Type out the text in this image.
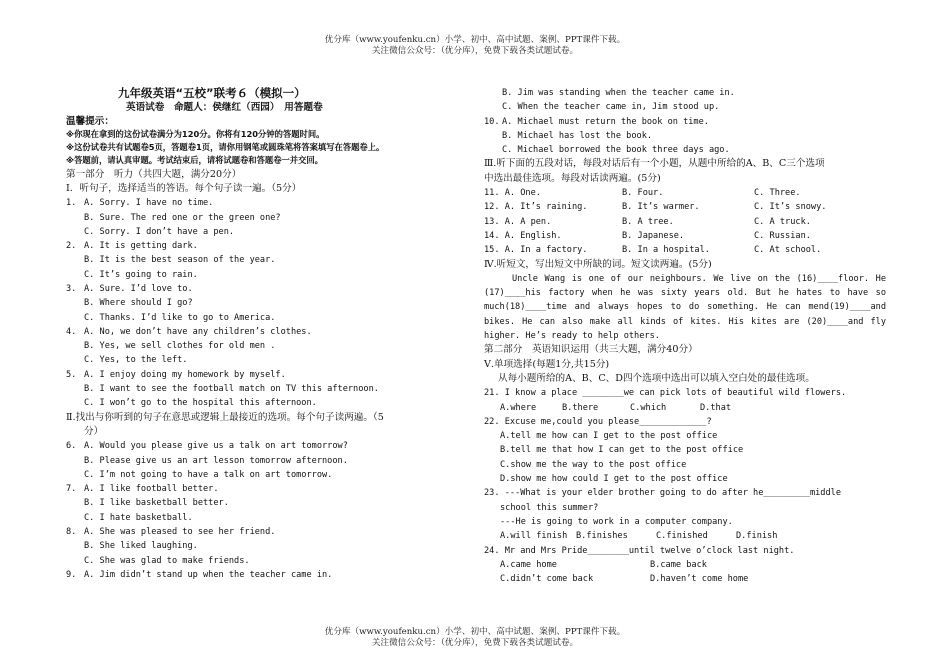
优分库（www.youfenku.cn）小学、初中、高中试题、案例、PPT课件下载。
关注微信公众号：（优分库），免费下载各类试题试卷。
九年级英语“五校”联考６（模拟一）
英语试卷　命题人：侯继红（西园）　用答题卷
温馨提示：
※你现在拿到的这份试卷满分为120分。你将有120分钟的答题时间。
※这份试卷共有试题卷5页，答题卷1页，请你用钢笔或圆珠笔将答案填写在答题卷上。
※答题前，请认真审题。考试结束后，请将试题卷和答题卷一并交回。
第一部分　听力（共四大题，满分20分）
Ⅰ．听句子，选择适当的答语。每个句子读一遍。（5分）
1. A. Sorry. I have no time.
B. Sure. The red one or the green one?
C. Sorry. I don’t have a pen.
2. A. It is getting dark.
B. It is the best season of the year.
C. It’s going to rain.
3. A. Sure. I’d love to.
B. Where should I go?
C. Thanks. I’d like to go to America.
4. A. No, we don’t have any children’s clothes.
B. Yes, we sell clothes for old men .
C. Yes, to the left.
5. A. I enjoy doing my homework by myself.
B. I want to see the football match on TV this afternoon.
C. I won’t go to the hospital this afternoon.
Ⅱ.找出与你听到的句子在意思或逻辑上最接近的选项。每个句子读两遍。（5
分）
6. A. Would you please give us a talk on art tomorrow?
B. Please give us an art lesson tomorrow afternoon.
C. I’m not going to have a talk on art tomorrow.
7. A. I like football better.
B. I like basketball better.
C. I hate basketball.
8. A. She was pleased to see her friend.
B. She liked laughing.
C. She was glad to make friends.
9. A. Jim didn’t stand up when the teacher came in.
B. Jim was standing when the teacher came in.
C. When the teacher came in, Jim stood up.
10. A. Michael must return the book on time.
B. Michael has lost the book.
C. Michael borrowed the book three days ago.
Ⅲ.听下面的五段对话，每段对话后有一个小题，从题中所给的A、B、C三个选项
中选出最佳选项。每段对话读两遍。(5分)
11. A. One.	B. Four.	C. Three.
12. A. It’s raining.	B. It’s warmer.	C. It’s snowy.
13. A. A pen.	B. A tree.	C. A truck.
14. A. English.	B. Japanese.	C. Russian.
15. A. In a factory.	B. In a hospital.	C. At school.
Ⅳ.听短文，写出短文中所缺的词。短文读两遍。(5分)
Uncle Wang is one of our neighbours. We live on the (16)____floor. He (17)____his factory when he was sixty years old. But he hates to have so much(18)____time and always hopes to do something. He can mend(19)____and bikes. He can also make all kinds of kites. His kites are (20)____and fly higher. He’s ready to help others.
第二部分　英语知识运用（共三大题，满分40分）
Ⅴ.单项选择(每题1分,共15分)
从每小题所给的A、B、C、D四个选项中选出可以填入空白处的最佳选项。
21. I know a place ________we can pick lots of beautiful wild flowers.
A.where	B.there	C.which	D.that
22. Excuse me,could you please_____________?
A.tell me how can I get to the post office
B.tell me that how I can get to the post office
C.show me the way to the post office
D.show me how could I get to the post office
23. ---What is your elder brother going to do after he_________middle
school this summer?
---He is going to work in a computer company.
A.will finish B.finishes	C.finished	D.finish
24. Mr and Mrs Pride________until twelve o’clock last night.
A.came home	B.came back
C.didn’t come back	D.haven’t come home
优分库（www.youfenku.cn）小学、初中、高中试题、案例、PPT课件下载。
关注微信公众号：（优分库），免费下载各类试题试卷。
